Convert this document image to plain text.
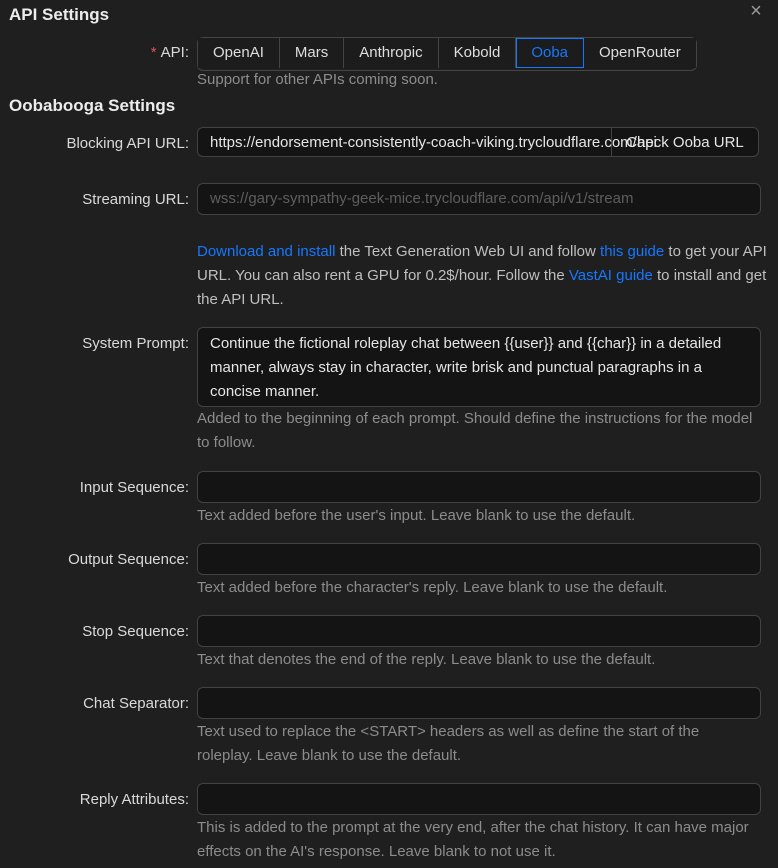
API Settings	×
* API:	OpenAI	Mars	Anthropic	Kobold	Ooba	OpenRouter
Support for other APIs coming soon.
Oobabooga Settings
Blocking API URL: https://endorsement-consistently-coach-viking.trycloudflare.com/api
Check Ooba URL
Streaming URL: wss://gary-sympathy-geek-mice.trycloudflare.com/api/v1/stream
Download and install the Text Generation Web UI and follow this guide to get your API URL. You can also rent a GPU for 0.2$/hour. Follow the VastAI guide to install and get the API URL.
System Prompt: Continue the fictional roleplay chat between {{user}} and {{char}} in a detailed manner, always stay in character, write brisk and punctual paragraphs in a concise manner.
Added to the beginning of each prompt. Should define the instructions for the model to follow.
Input Sequence:
Text added before the user's input. Leave blank to use the default.
Output Sequence:
Text added before the character's reply. Leave blank to use the default.
Stop Sequence:
Text that denotes the end of the reply. Leave blank to use the default.
Chat Separator:
Text used to replace the <START> headers as well as define the start of the roleplay. Leave blank to use the default.
Reply Attributes:
This is added to the prompt at the very end, after the chat history. It can have major effects on the AI's response. Leave blank to not use it.
